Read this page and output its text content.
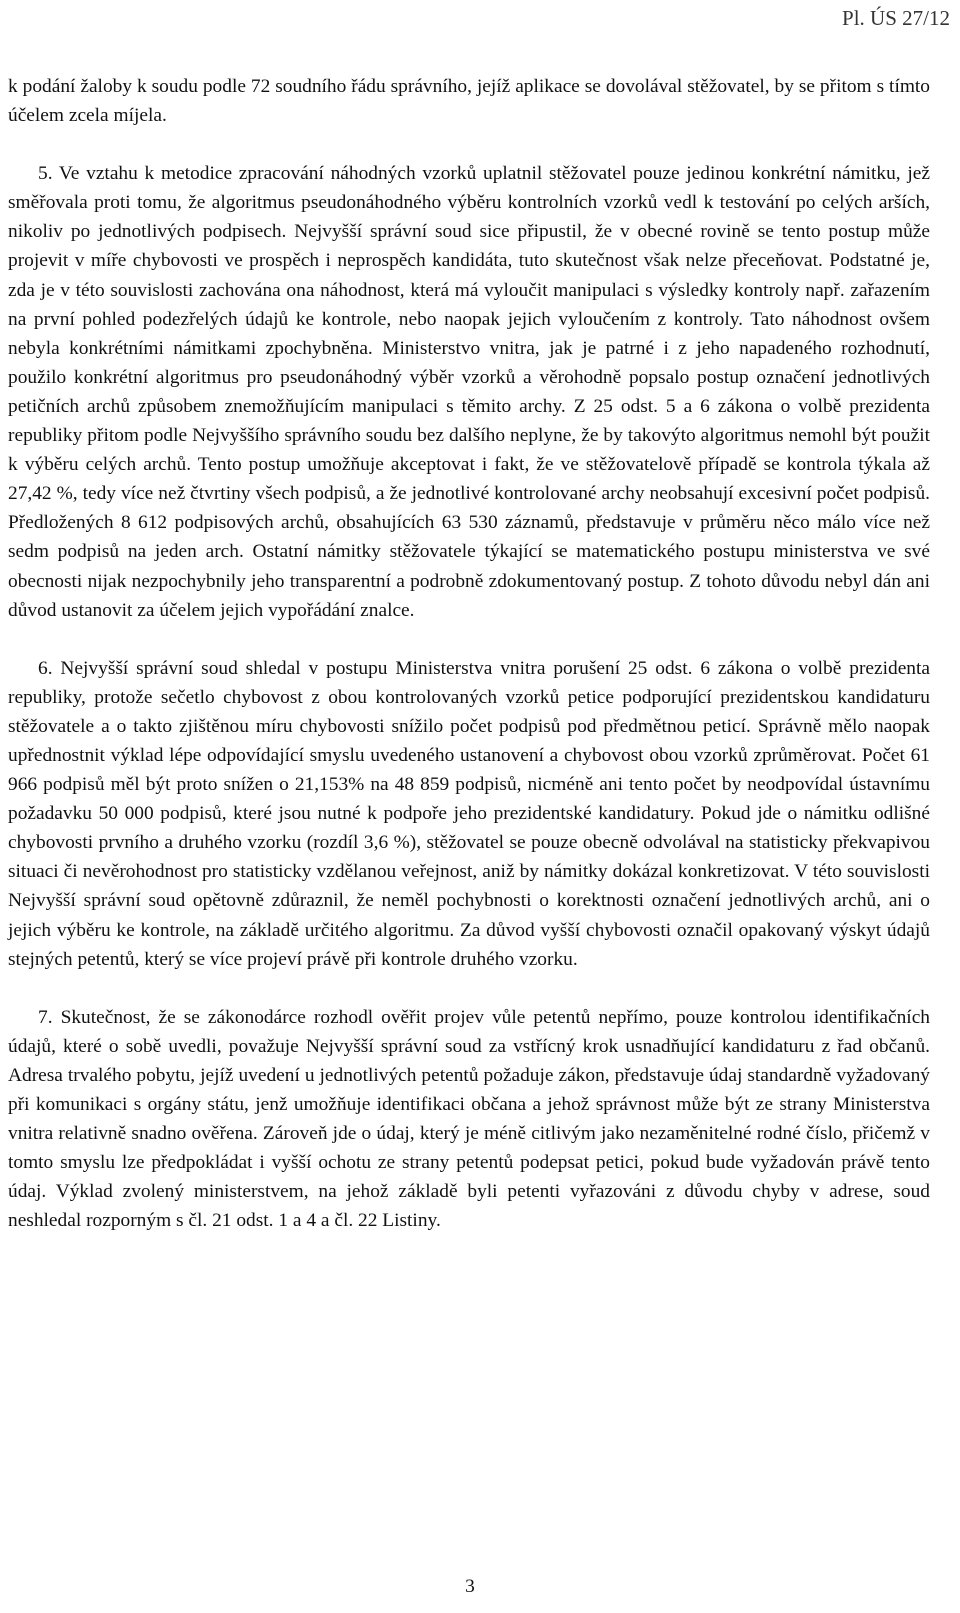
Pl. ÚS 27/12

k podání žaloby k soudu podle 72 soudního řádu správního, jejíž aplikace se dovolával stěžovatel, by se přitom s tímto účelem zcela míjela.

5. Ve vztahu k metodice zpracování náhodných vzorků uplatnil stěžovatel pouze jedinou konkrétní námitku, jež směřovala proti tomu, že algoritmus pseudonáhodného výběru kontrolních vzorků vedl k testování po celých arších, nikoliv po jednotlivých podpisech. Nejvyšší správní soud sice připustil, že v obecné rovině se tento postup může projevit v míře chybovosti ve prospěch i neprospěch kandidáta, tuto skutečnost však nelze přeceňovat. Podstatné je, zda je v této souvislosti zachována ona náhodnost, která má vyloučit manipulaci s výsledky kontroly např. zařazením na první pohled podezřelých údajů ke kontrole, nebo naopak jejich vyloučením z kontroly. Tato náhodnost ovšem nebyla konkrétními námitkami zpochybněna. Ministerstvo vnitra, jak je patrné i z jeho napadeného rozhodnutí, použilo konkrétní algoritmus pro pseudonáhodný výběr vzorků a věrohodně popsalo postup označení jednotlivých petičních archů způsobem znemožňujícím manipulaci s těmito archy. Z 25 odst. 5 a 6 zákona o volbě prezidenta republiky přitom podle Nejvyššího správního soudu bez dalšího neplyne, že by takovýto algoritmus nemohl být použit k výběru celých archů. Tento postup umožňuje akceptovat i fakt, že ve stěžovatelově případě se kontrola týkala až 27,42 %, tedy více než čtvrtiny všech podpisů, a že jednotlivé kontrolované archy neobsahují excesivní počet podpisů. Předložených 8 612 podpisových archů, obsahujících 63 530 záznamů, představuje v průměru něco málo více než sedm podpisů na jeden arch. Ostatní námitky stěžovatele týkající se matematického postupu ministerstva ve své obecnosti nijak nezpochybnily jeho transparentní a podrobně zdokumentovaný postup. Z tohoto důvodu nebyl dán ani důvod ustanovit za účelem jejich vypořádání znalce.

6. Nejvyšší správní soud shledal v postupu Ministerstva vnitra porušení 25 odst. 6 zákona o volbě prezidenta republiky, protože sečetlo chybovost z obou kontrolovaných vzorků petice podporující prezidentskou kandidaturu stěžovatele a o takto zjištěnou míru chybovosti snížilo počet podpisů pod předmětnou peticí. Správně mělo naopak upřednostnit výklad lépe odpovídající smyslu uvedeného ustanovení a chybovost obou vzorků zprůměrovat. Počet 61 966 podpisů měl být proto snížen o 21,153% na 48 859 podpisů, nicméně ani tento počet by neodpovídal ústavnímu požadavku 50 000 podpisů, které jsou nutné k podpoře jeho prezidentské kandidatury. Pokud jde o námitku odlišné chybovosti prvního a druhého vzorku (rozdíl 3,6 %), stěžovatel se pouze obecně odvolával na statisticky překvapivou situaci či nevěrohodnost pro statisticky vzdělanou veřejnost, aniž by námitky dokázal konkretizovat. V této souvislosti Nejvyšší správní soud opětovně zdůraznil, že neměl pochybnosti o korektnosti označení jednotlivých archů, ani o jejich výběru ke kontrole, na základě určitého algoritmu. Za důvod vyšší chybovosti označil opakovaný výskyt údajů stejných petentů, který se více projeví právě při kontrole druhého vzorku.

7. Skutečnost, že se zákonodárce rozhodl ověřit projev vůle petentů nepřímo, pouze kontrolou identifikačních údajů, které o sobě uvedli, považuje Nejvyšší správní soud za vstřícný krok usnadňující kandidaturu z řad občanů. Adresa trvalého pobytu, jejíž uvedení u jednotlivých petentů požaduje zákon, představuje údaj standardně vyžadovaný při komunikaci s orgány státu, jenž umožňuje identifikaci občana a jehož správnost může být ze strany Ministerstva vnitra relativně snadno ověřena. Zároveň jde o údaj, který je méně citlivým jako nezaměnitelné rodné číslo, přičemž v tomto smyslu lze předpokládat i vyšší ochotu ze strany petentů podepsat petici, pokud bude vyžadován právě tento údaj. Výklad zvolený ministerstvem, na jehož základě byli petenti vyřazováni z důvodu chyby v adrese, soud neshledal rozporným s čl. 21 odst. 1 a 4 a čl. 22 Listiny.

3
